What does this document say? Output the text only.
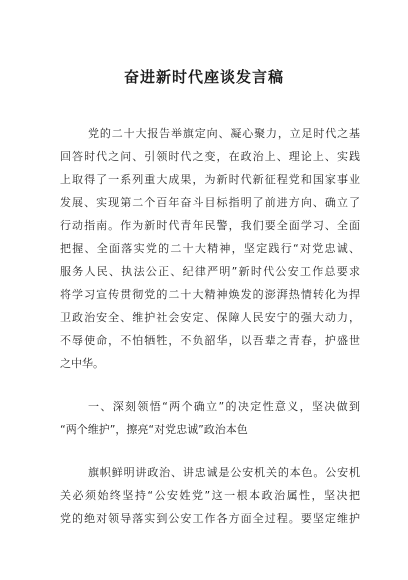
奋进新时代座谈发言稿
党的二十大报告举旗定向、凝心聚力，立足时代之基
回答时代之问、引领时代之变，在政治上、理论上、实践
上取得了一系列重大成果，为新时代新征程党和国家事业
发展、实现第二个百年奋斗目标指明了前进方向、确立了
行动指南。作为新时代青年民警，我们要全面学习、全面
把握、全面落实党的二十大精神，坚定践行“对党忠诚、
服务人民、执法公正、纪律严明”新时代公安工作总要求
将学习宣传贯彻党的二十大精神焕发的澎湃热情转化为捍
卫政治安全、维护社会安定、保障人民安宁的强大动力，
不辱使命，不怕牺牲，不负韶华，以吾辈之青春，护盛世
之中华。
一、深刻领悟“两个确立”的决定性意义，坚决做到
“两个维护”，擦亮“对党忠诚”政治本色
旗帜鲜明讲政治、讲忠诚是公安机关的本色。公安机
关必须始终坚持“公安姓党”这一根本政治属性，坚决把
党的绝对领导落实到公安工作各方面全过程。要坚定维护
